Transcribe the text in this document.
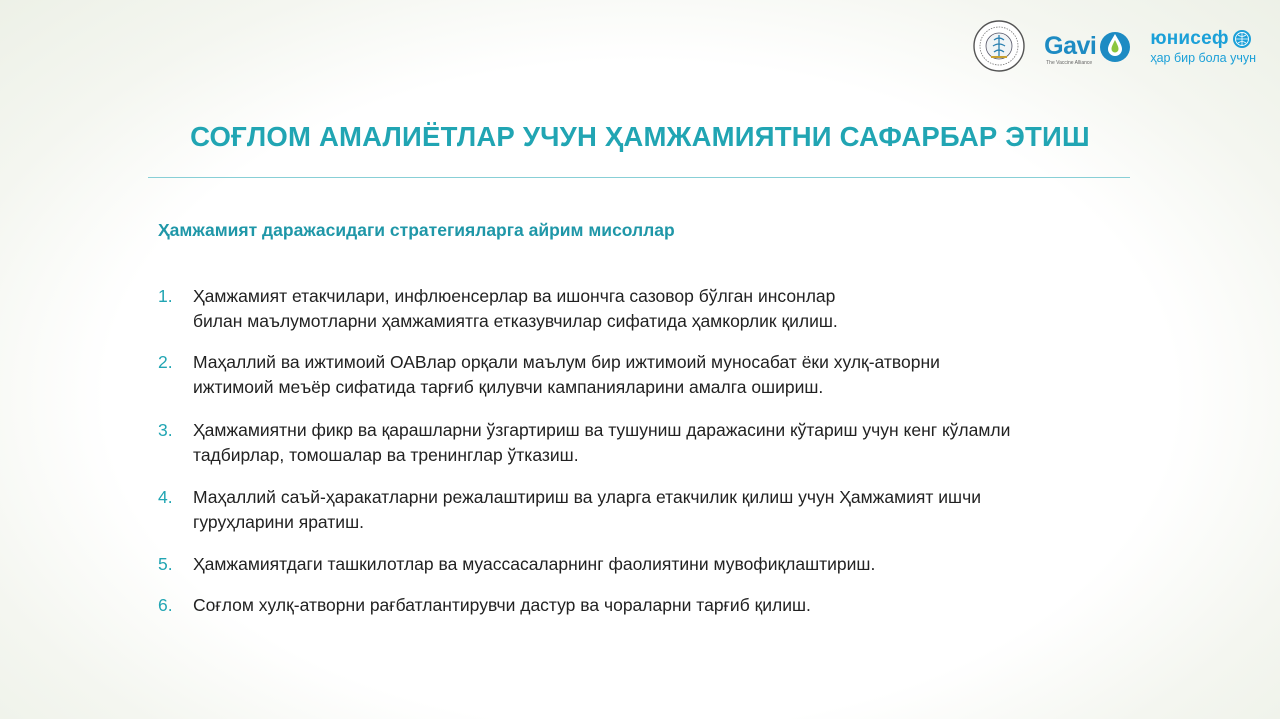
Gavi
The Vaccine Alliance
юнисеф
ҳар бир бола учун
СОҒЛОМ АМАЛИЁТЛАР УЧУН ҲАМЖАМИЯТНИ САФАРБАР ЭТИШ
Ҳамжамият даражасидаги стратегияларга айрим мисоллар
1.	Ҳамжамият етакчилари, инфлюенсерлар ва ишончга сазовор бўлган инсонлар
билан маълумотларни ҳамжамиятга етказувчилар сифатида ҳамкорлик қилиш.
2.	Маҳаллий ва ижтимоий ОАВлар орқали маълум бир ижтимоий муносабат ёки хулқ-атворни
ижтимоий меъёр сифатида тарғиб қилувчи кампанияларини амалга ошириш.
3.	Ҳамжамиятни фикр ва қарашларни ўзгартириш ва тушуниш даражасини кўтариш учун кенг кўламли
тадбирлар, томошалар ва тренинглар ўтказиш.
4.	Маҳаллий саъй-ҳаракатларни режалаштириш ва уларга етакчилик қилиш учун Ҳамжамият ишчи
гуруҳларини яратиш.
5.	Ҳамжамиятдаги ташкилотлар ва муассасаларнинг фаолиятини мувофиқлаштириш.
6.	Соғлом хулқ-атворни рағбатлантирувчи дастур ва чораларни тарғиб қилиш.
